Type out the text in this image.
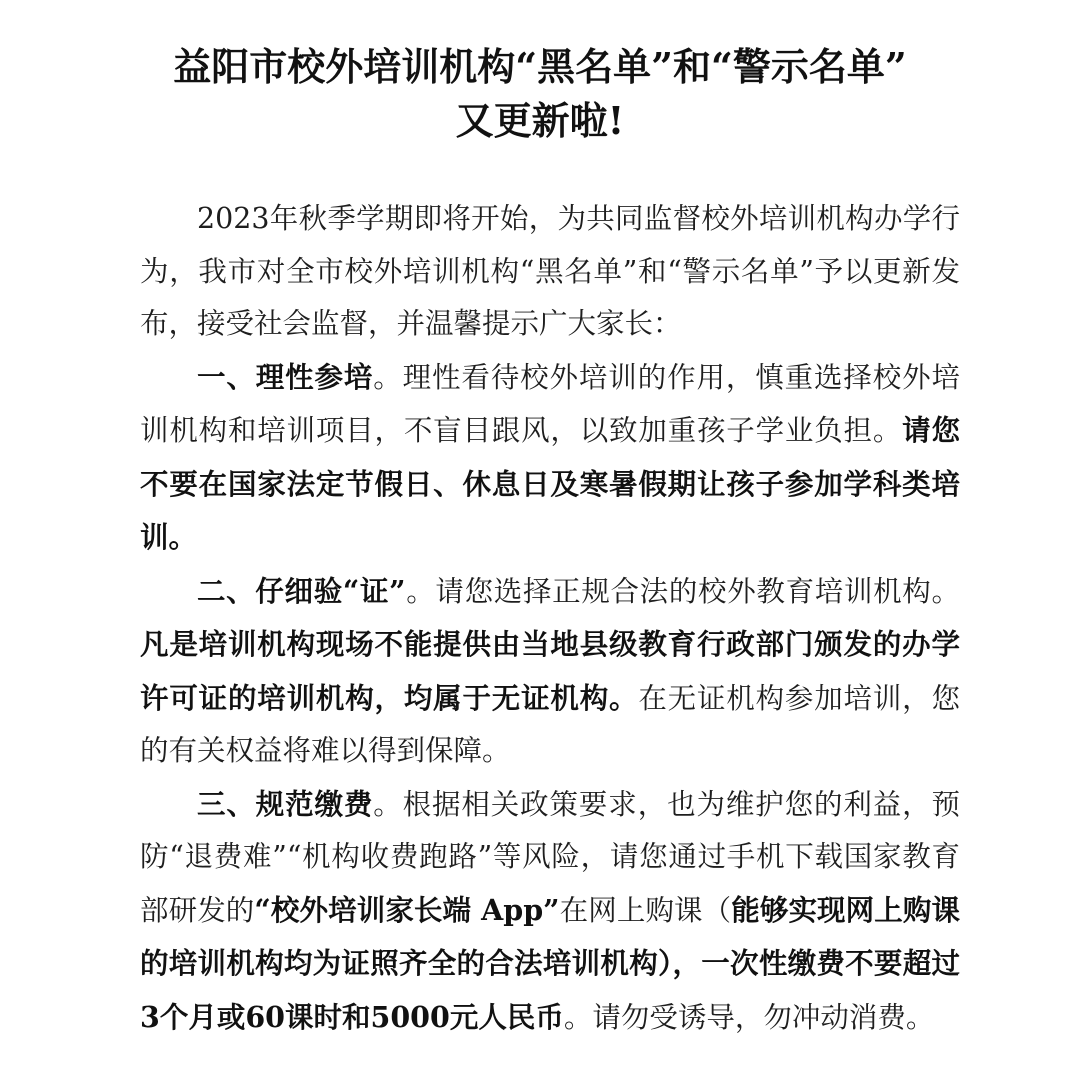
益阳市校外培训机构“黑名单”和“警示名单”
又更新啦!

2023年秋季学期即将开始，为共同监督校外培训机构办学行为，我市对全市校外培训机构“黑名单”和“警示名单”予以更新发布，接受社会监督，并温馨提示广大家长：

一、理性参培。理性看待校外培训的作用，慎重选择校外培训机构和培训项目，不盲目跟风，以致加重孩子学业负担。请您不要在国家法定节假日、休息日及寒暑假期让孩子参加学科类培训。

二、仔细验“证”。请您选择正规合法的校外教育培训机构。凡是培训机构现场不能提供由当地县级教育行政部门颁发的办学许可证的培训机构，均属于无证机构。在无证机构参加培训，您的有关权益将难以得到保障。

三、规范缴费。根据相关政策要求，也为维护您的利益，预防“退费难”“机构收费跑路”等风险，请您通过手机下载国家教育部研发的“校外培训家长端 App”在网上购课（能够实现网上购课的培训机构均为证照齐全的合法培训机构），一次性缴费不要超过3个月或60课时和5000元人民币。请勿受诱导，勿冲动消费。
